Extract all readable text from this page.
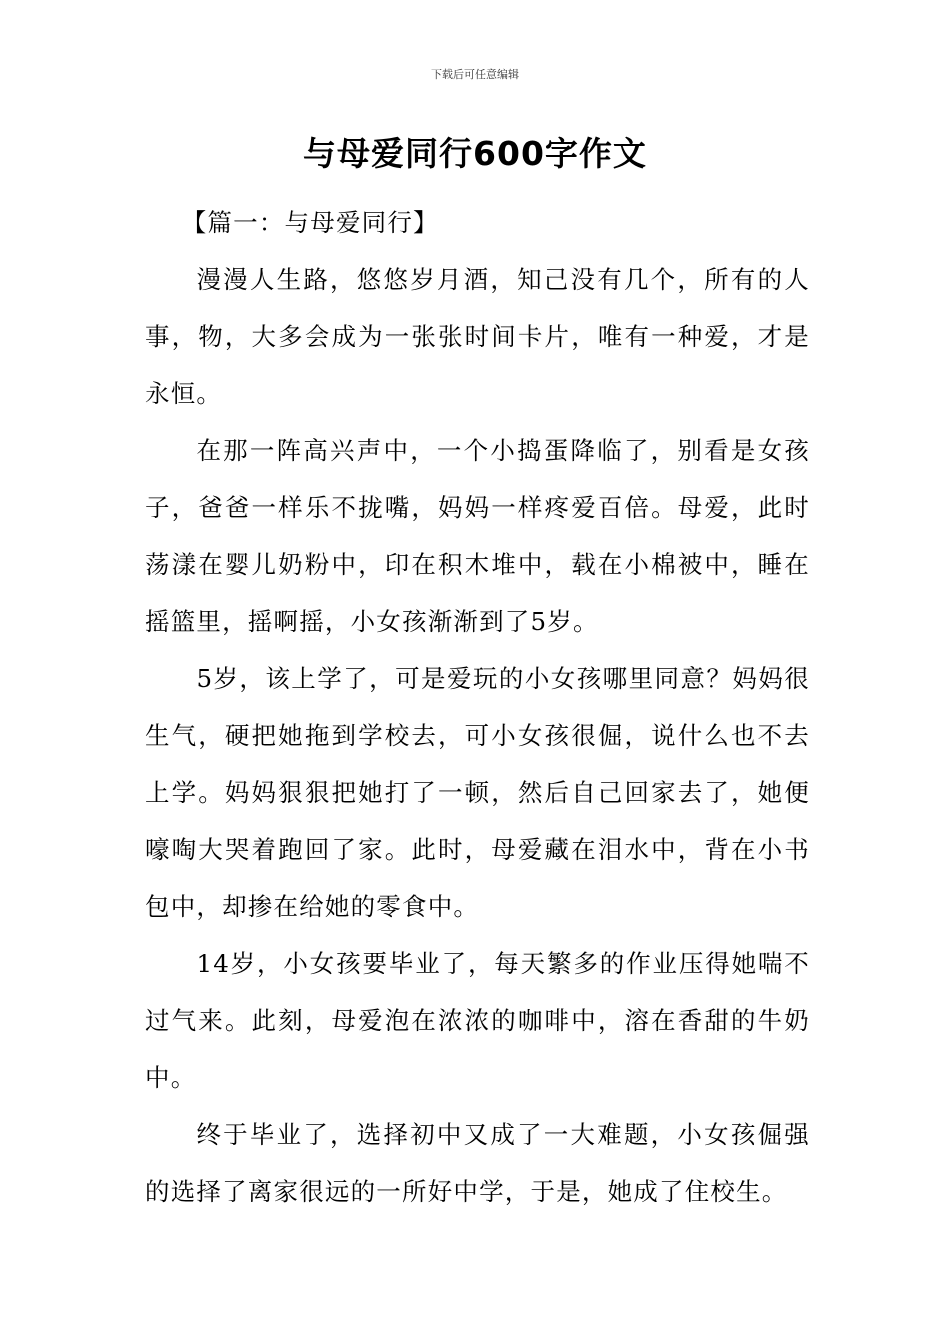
下载后可任意编辑
与母爱同行600字作文

【篇一：与母爱同行】

漫漫人生路，悠悠岁月酒，知己没有几个，所有的人事，物，大多会成为一张张时间卡片，唯有一种爱，才是永恒。

在那一阵高兴声中，一个小捣蛋降临了，别看是女孩子，爸爸一样乐不拢嘴，妈妈一样疼爱百倍。母爱，此时荡漾在婴儿奶粉中，印在积木堆中，载在小棉被中，睡在摇篮里，摇啊摇，小女孩渐渐到了5岁。

5岁，该上学了，可是爱玩的小女孩哪里同意？妈妈很生气，硬把她拖到学校去，可小女孩很倔，说什么也不去上学。妈妈狠狠把她打了一顿，然后自己回家去了，她便嚎啕大哭着跑回了家。此时，母爱藏在泪水中，背在小书包中，却掺在给她的零食中。

14岁，小女孩要毕业了，每天繁多的作业压得她喘不过气来。此刻，母爱泡在浓浓的咖啡中，溶在香甜的牛奶中。

终于毕业了，选择初中又成了一大难题，小女孩倔强的选择了离家很远的一所好中学，于是，她成了住校生。
